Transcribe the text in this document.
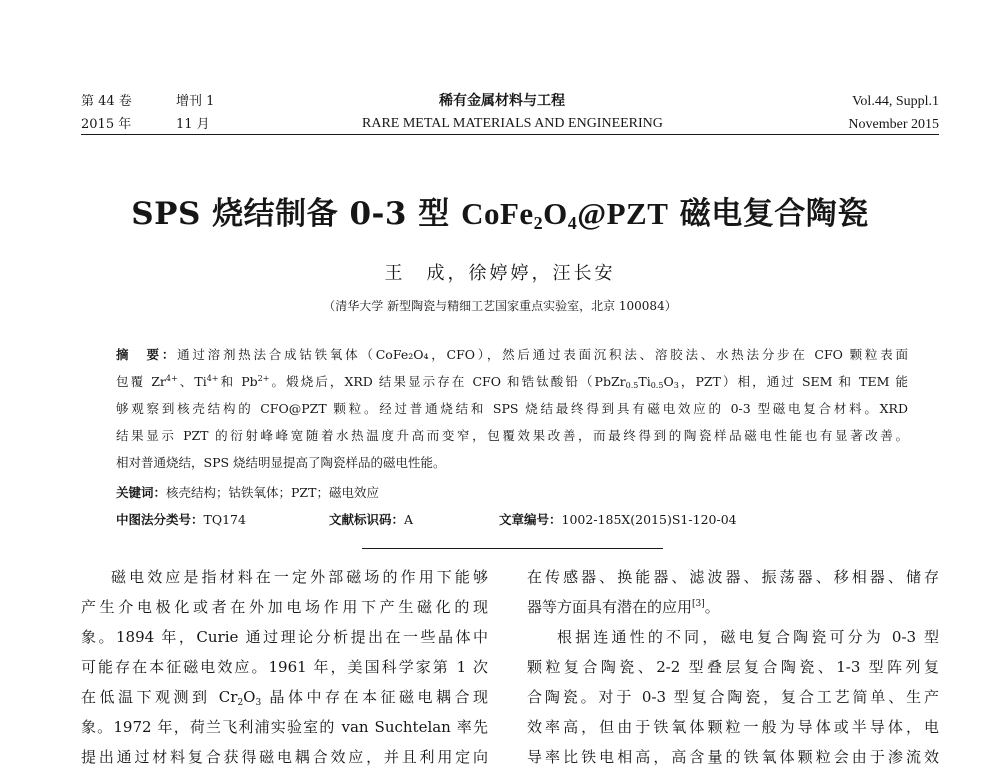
第 44 卷	增刊 1
2015 年	11 月
稀有金属材料与工程
RARE METAL MATERIALS AND ENGINEERING
Vol.44, Suppl.1
November 2015
SPS 烧结制备 0-3 型 $CoFe_2O_4@PZT$ 磁电复合陶瓷
王　成，徐婷婷，汪长安
（清华大学 新型陶瓷与精细工艺国家重点实验室，北京 100084）
摘　要：通过溶剂热法合成钴铁氧体（CoFe₂O₄，CFO），然后通过表面沉积法、溶胶法、水热法分步在 CFO 颗粒表面
包覆 $Zr^{4+}$、$Ti^{4+}$和 $Pb^{2+}$。煅烧后，XRD 结果显示存在 CFO 和锆钛酸铅（$PbZr_{0.5}Ti_{0.5}O_3$，PZT）相，通过 SEM 和 TEM 能
够观察到核壳结构的 CFO@PZT 颗粒。经过普通烧结和 SPS 烧结最终得到具有磁电效应的 0-3 型磁电复合材料。XRD
结果显示 PZT 的衍射峰峰宽随着水热温度升高而变窄，包覆效果改善，而最终得到的陶瓷样品磁电性能也有显著改善。
相对普通烧结，SPS 烧结明显提高了陶瓷样品的磁电性能。
关键词：核壳结构；钴铁氧体；PZT；磁电效应
中图法分类号：TQ174	文献标识码：A	文章编号：1002-185X(2015)S1-120-04
磁电效应是指材料在一定外部磁场的作用下能够
产生介电极化或者在外加电场作用下产生磁化的现
象。1894 年，Curie 通过理论分析提出在一些晶体中
可能存在本征磁电效应。1961 年，美国科学家第 1 次
在低温下观测到 $Cr_2O_3$ 晶体中存在本征磁电耦合现
象。1972 年，荷兰飞利浦实验室的 van Suchtelan 率先
提出通过材料复合获得磁电耦合效应，并且利用定向
在传感器、换能器、滤波器、振荡器、移相器、储存
器等方面具有潜在的应用[3]。
根据连通性的不同，磁电复合陶瓷可分为 0-3 型
颗粒复合陶瓷、2-2 型叠层复合陶瓷、1-3 型阵列复
合陶瓷。对于 0-3 型复合陶瓷，复合工艺简单、生产
效率高，但由于铁氧体颗粒一般为导体或半导体，电
导率比铁电相高，高含量的铁氧体颗粒会由于渗流效
